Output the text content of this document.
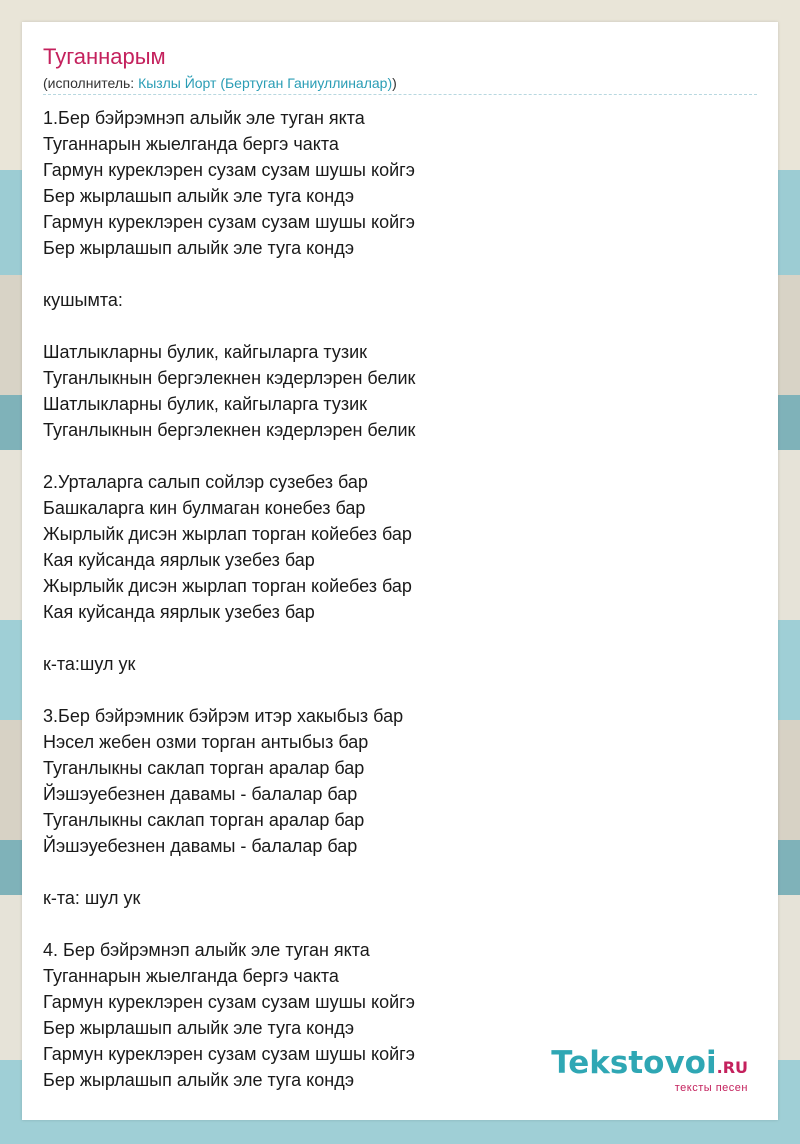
Туганнарым
(исполнитель: Кызлы Йорт (Бертуган Ганиуллиналар))
1.Бер бэйрэмнэп алыйк эле туган якта
Туганнарын жыелганда бергэ чакта
Гармун куреклэрен сузам сузам шушы койгэ
Бер жырлашып алыйк эле туга кондэ
Гармун куреклэрен сузам сузам шушы койгэ
Бер жырлашып алыйк эле туга кондэ
кушымта:
Шатлыкларны булик, кайгыларга тузик
Туганлыкнын бергэлекнен кэдерлэрен белик
Шатлыкларны булик, кайгыларга тузик
Туганлыкнын бергэлекнен кэдерлэрен белик
2.Урталарга салып сойлэр сузебез бар
Башкаларга кин булмаган конебез бар
Жырлыйк дисэн жырлап торган койебез бар
Кая куйсанда яярлык узебез бар
Жырлыйк дисэн жырлап торган койебез бар
Кая куйсанда яярлык узебез бар
к-та:шул ук
3.Бер бэйрэмник бэйрэм итэр хакыбыз бар
Нэсел жебен озми торган антыбыз бар
Туганлыкны саклап торган аралар бар
Йэшэуебезнен давамы - балалар бар
Туганлыкны саклап торган аралар бар
Йэшэуебезнен давамы - балалар бар
к-та: шул ук
4. Бер бэйрэмнэп алыйк эле туган якта
Туганнарын жыелганда бергэ чакта
Гармун куреклэрен сузам сузам шушы койгэ
Бер жырлашып алыйк эле туга кондэ
Гармун куреклэрен сузам сузам шушы койгэ
Бер жырлашып алыйк эле туга кондэ	Tekstovoi.RU
тексты песен
